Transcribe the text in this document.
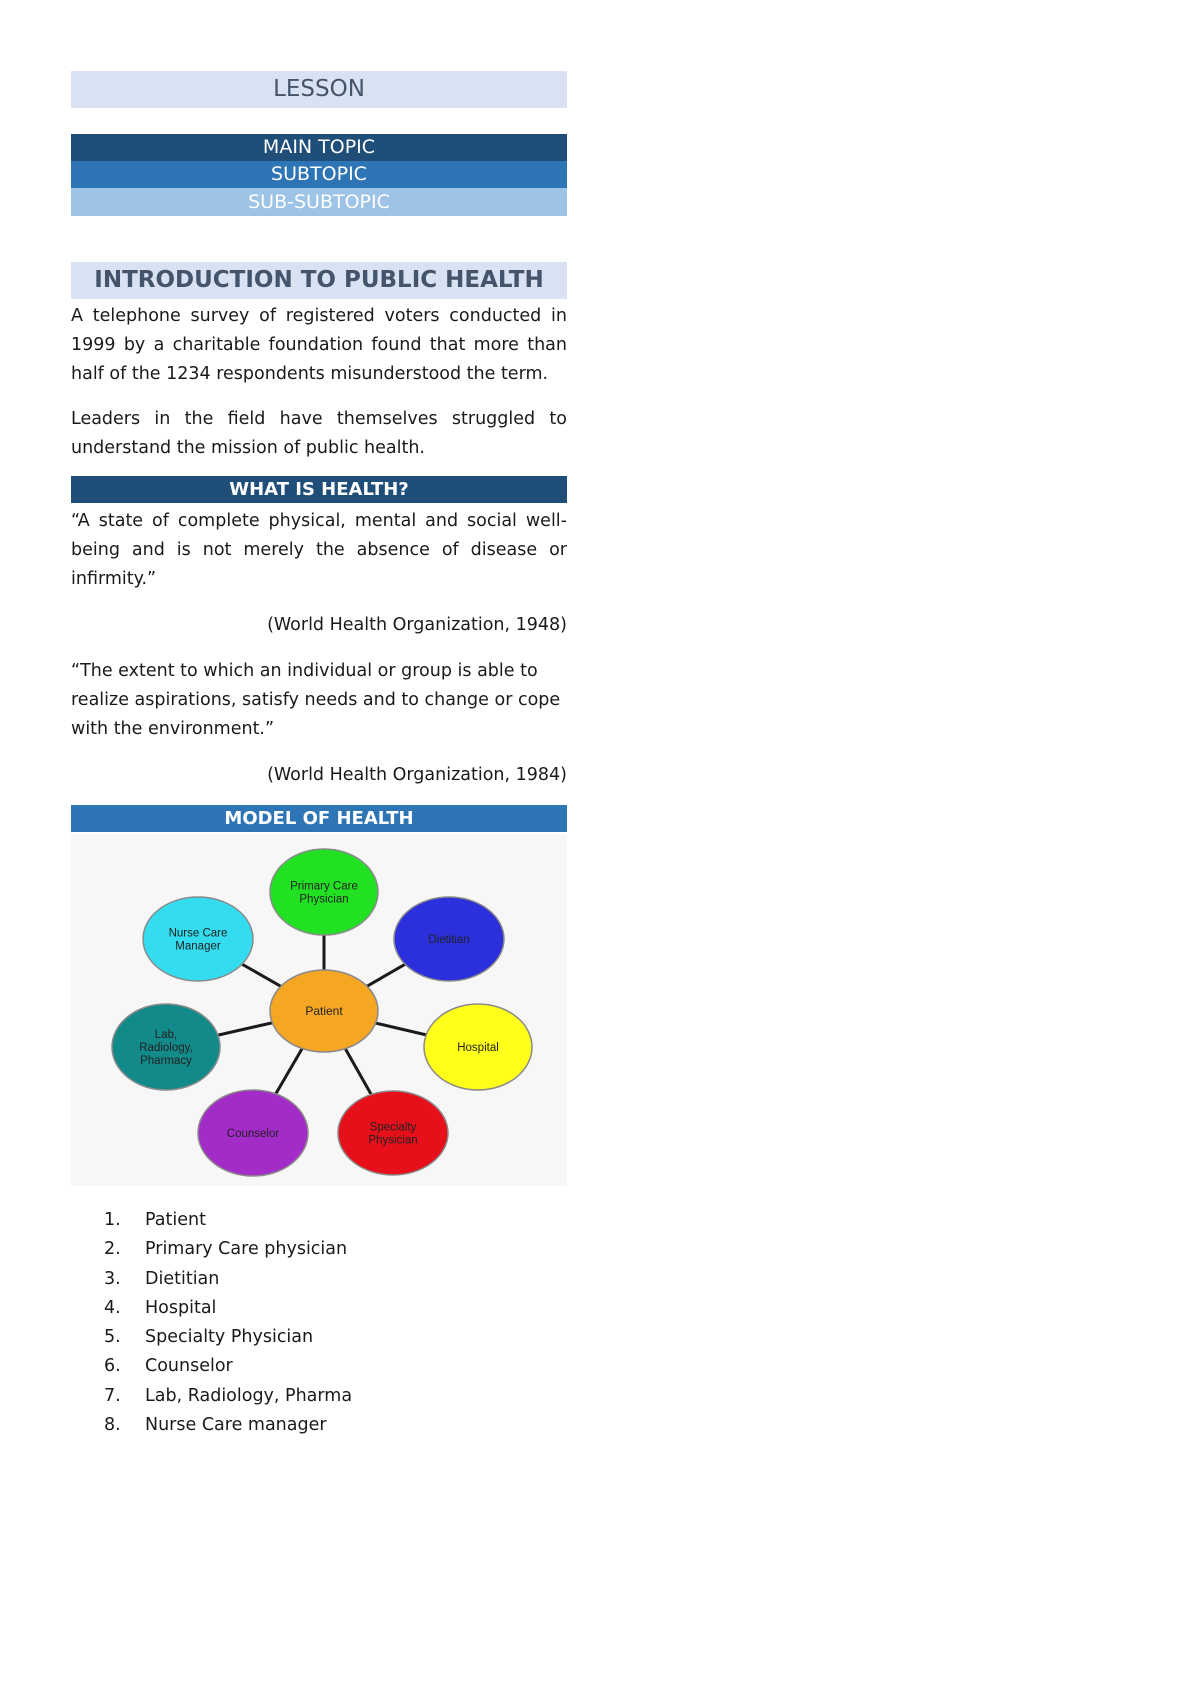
LESSON
MAIN TOPIC
SUBTOPIC
SUB-SUBTOPIC
INTRODUCTION TO PUBLIC HEALTH

A telephone survey of registered voters conducted in 1999 by a charitable foundation found that more than half of the 1234 respondents misunderstood the term.

Leaders in the field have themselves struggled to understand the mission of public health.

WHAT IS HEALTH?

“A state of complete physical, mental and social well-being and is not merely the absence of disease or infirmity.”

(World Health Organization, 1948)

“The extent to which an individual or group is able to realize aspirations, satisfy needs and to change or cope with the environment.”

(World Health Organization, 1984)

MODEL OF HEALTH
Primary Care
Physician
Dietitian
Hospital
Specialty
Physician
Counselor
Lab,
Radiology,
Pharmacy
Nurse Care
Manager
Patient
1.	Patient
2.	Primary Care physician
3.	Dietitian
4.	Hospital
5.	Specialty Physician
6.	Counselor
7.	Lab, Radiology, Pharma
8.	Nurse Care manager
